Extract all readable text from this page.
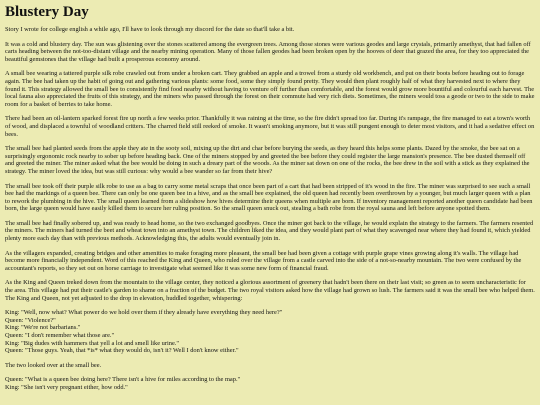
Blustery Day

Story I wrote for college english a while ago, I'll have to look through my discord for the date so that'll take a bit.

It was a cold and blustery day. The sun was glistening over the stones scattered among the evergreen trees. Among those stones were various geodes and large crystals, primarily amethyst, that had fallen off carts heading between the not-too-distant village and the nearby mining operation. Many of those fallen geodes had been broken open by the hooves of deer that grazed the area, for they too appreciated the beautiful gemstones that the village had built a prosperous economy around.

A small bee wearing a tattered purple silk robe crawled out from under a broken cart. They grabbed an apple and a trowel from a sturdy old workbench, and put on their boots before heading out to forage again. The bee had taken up the habit of going out and gathering various plants: some food, some they simply found pretty. They would then plant roughly half of what they harvested next to where they found it. This strategy allowed the small bee to consistently find food nearby without having to venture off further than comfortable, and the forest would grow more bountiful and colourful each harvest. The local fauna also appreciated the fruits of this strategy, and the miners who passed through the forest on their commute had very rich diets. Sometimes, the miners would toss a geode or two to the side to make room for a basket of berries to take home.

There had been an oil-lantern sparked forest fire up north a few weeks prior. Thankfully it was raining at the time, so the fire didn't spread too far. During it's rampage, the fire managed to eat a town's worth of wood, and displaced a townful of woodland critters. The charred field still reeked of smoke. It wasn't smoking anymore, but it was still pungent enough to deter most visitors, and it had a sedative effect on bees.

The small bee had planted seeds from the apple they ate in the sooty soil, mixing up the dirt and char before burying the seeds, as they heard this helps some plants. Dazed by the smoke, the bee sat on a surprisingly ergonomic rock nearby to sober up before heading back. One of the miners stopped by and greeted the bee before they could register the large mansion's presence. The bee dusted themself off and greeted the miner. The miner asked what the bee would be doing in such a dreary part of the woods. As the miner sat down on one of the rocks, the bee drew in the soil with a stick as they explained the strategy. The miner loved the idea, but was still curious: why would a bee wander so far from their hive?

The small bee took off their purple silk robe to use as a bag to carry some metal scraps that once been part of a cart that had been stripped of it's wood in the fire. The miner was surprised to see such a small bee had the markings of a queen bee. There can only be one queen bee in a hive, and as the small bee explained, the old queen had recently been overthrown by a younger, but much larger queen with a plan to rework the plumbing in the hive. The small queen learned from a slideshow how hives determine their queens when multiple are born. If inventory management reported another queen candidate had been born, the large queen would have easily killed them to secure her ruling position. So the small queen snuck out, stealing a bath robe from the royal sauna and left before anyone spotted them.

The small bee had finally sobered up, and was ready to head home, so the two exchanged goodbyes. Once the miner got back to the village, he would explain the strategy to the farmers. The farmers resented the miners. The miners had turned the beet and wheat town into an amethyst town. The children liked the idea, and they would plant part of what they scavenged near where they had found it, which yielded plenty more each day than with previous methods. Acknowledging this, the adults would eventually join in.

As the villagers expanded, creating bridges and other amenities to make foraging more pleasant, the small bee had been given a cottage with purple grape vines growing along it's walls. The village had become more financially independent. Word of this reached the King and Queen, who ruled over the village from a castle carved into the side of a not-so-nearby mountain. The two were confused by the accountant's reports, so they set out on horse carriage to investigate what seemed like it was some new form of financial fraud.

As the King and Queen treked down from the mountain to the village center, they noticed a glorious assortment of greenery that hadn't been there on their last visit; so green as to seem uncharacteristic for the area. This village had put their castle's garden to shame on a fraction of the budget. The two royal visitors asked how the village had grown so lush. The farmers said it was the small bee who helped them. The King and Queen, not yet adjusted to the drop in elevation, huddled together, whispering:

King: "Well, now what? What power do we hold over them if they already have everything they need here?"
Queen: "Violence?"
King: "We're not barbarians."
Queen: "I don't remember what those are."
King: "Big dudes with hammers that yell a lot and smell like urine."
Queen: "Those guys. Yeah, that *is* what they would do, isn't it? Well I don't know either."

The two looked over at the small bee.

Queen: "What is a queen bee doing here? There isn't a hive for miles according to the map."
King: "She isn't very pregnant either, how odd."
